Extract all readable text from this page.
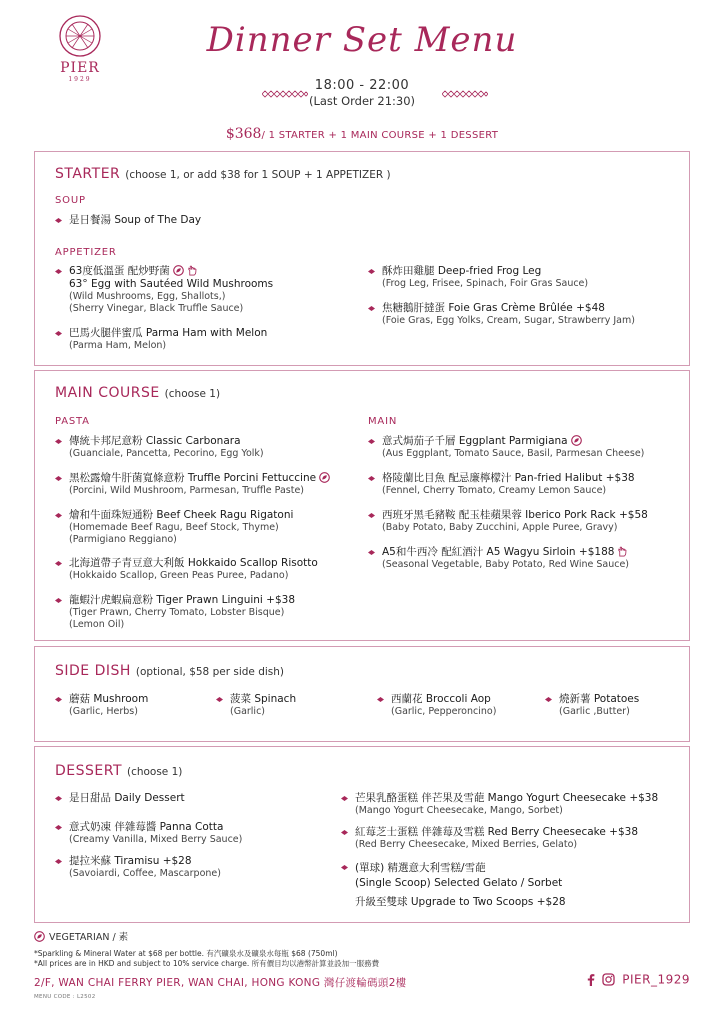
PIER
1929
Dinner Set Menu
18:00 - 22:00
(Last Order 21:30)
$368/ 1 STARTER + 1 MAIN COURSE + 1 DESSERT
STARTER (choose 1, or add $38 for 1 SOUP + 1 APPETIZER )
SOUP
是日餐湯 Soup of The Day
APPETIZER
63度低溫蛋 配炒野菌
63° Egg with Sautéed Wild Mushrooms
(Wild Mushrooms, Egg, Shallots,)
(Sherry Vinegar, Black Truffle Sauce)
巴馬火腿伴蜜瓜 Parma Ham with Melon
(Parma Ham, Melon)
酥炸田雞腿 Deep-fried Frog Leg
(Frog Leg, Frisee, Spinach, Foir Gras Sauce)
焦糖鵝肝撻蛋 Foie Gras Crème Brûlée +$48
(Foie Gras, Egg Yolks, Cream, Sugar, Strawberry Jam)
MAIN COURSE (choose 1)
PASTA	MAIN
傳統卡邦尼意粉 Classic Carbonara
(Guanciale, Pancetta, Pecorino, Egg Yolk)
黑松露燴牛肝菌寬條意粉 Truffle Porcini Fettuccine
(Porcini, Wild Mushroom, Parmesan, Truffle Paste)
燴和牛面珠短通粉 Beef Cheek Ragu Rigatoni
(Homemade Beef Ragu, Beef Stock, Thyme)
(Parmigiano Reggiano)
北海道帶子青豆意大利飯 Hokkaido Scallop Risotto
(Hokkaido Scallop, Green Peas Puree, Padano)
龍蝦汁虎蝦扁意粉 Tiger Prawn Linguini +$38
(Tiger Prawn, Cherry Tomato, Lobster Bisque)
(Lemon Oil)
意式焗茄子千層 Eggplant Parmigiana
(Aus Eggplant, Tomato Sauce, Basil, Parmesan Cheese)
格陵蘭比目魚 配忌廉檸檬汁 Pan-fried Halibut +$38
(Fennel, Cherry Tomato, Creamy Lemon Sauce)
西班牙黑毛豬鞍 配玉桂蘋果蓉 Iberico Pork Rack +$58
(Baby Potato, Baby Zucchini, Apple Puree, Gravy)
A5和牛西冷 配紅酒汁 A5 Wagyu Sirloin +$188
(Seasonal Vegetable, Baby Potato, Red Wine Sauce)
SIDE DISH (optional, $58 per side dish)
蘑菇 Mushroom
(Garlic, Herbs)
菠菜 Spinach
(Garlic)
西蘭花 Broccoli Aop
(Garlic, Pepperoncino)
燒新薯 Potatoes
(Garlic ,Butter)
DESSERT (choose 1)
是日甜品 Daily Dessert
意式奶凍 伴雜莓醬 Panna Cotta
(Creamy Vanilla, Mixed Berry Sauce)
提拉米蘇 Tiramisu +$28
(Savoiardi, Coffee, Mascarpone)
芒果乳酪蛋糕 伴芒果及雪葩 Mango Yogurt Cheesecake +$38
(Mango Yogurt Cheesecake, Mango, Sorbet)
紅莓芝士蛋糕 伴雜莓及雪糕 Red Berry Cheesecake +$38
(Red Berry Cheesecake, Mixed Berries, Gelato)
(單球) 精選意大利雪糕/雪葩
(Single Scoop) Selected Gelato / Sorbet
升級至雙球 Upgrade to Two Scoops +$28
VEGETARIAN / 素
*Sparkling & Mineral Water at $68 per bottle. 有汽礦泉水及礦泉水每瓶 $68 (750ml)
*All prices are in HKD and subject to 10% service charge. 所有價目均以港幣計算並設加一服務費
2/F, WAN CHAI FERRY PIER, WAN CHAI, HONG KONG 灣仔渡輪碼頭2樓	PIER_1929
MENU CODE : L2502
